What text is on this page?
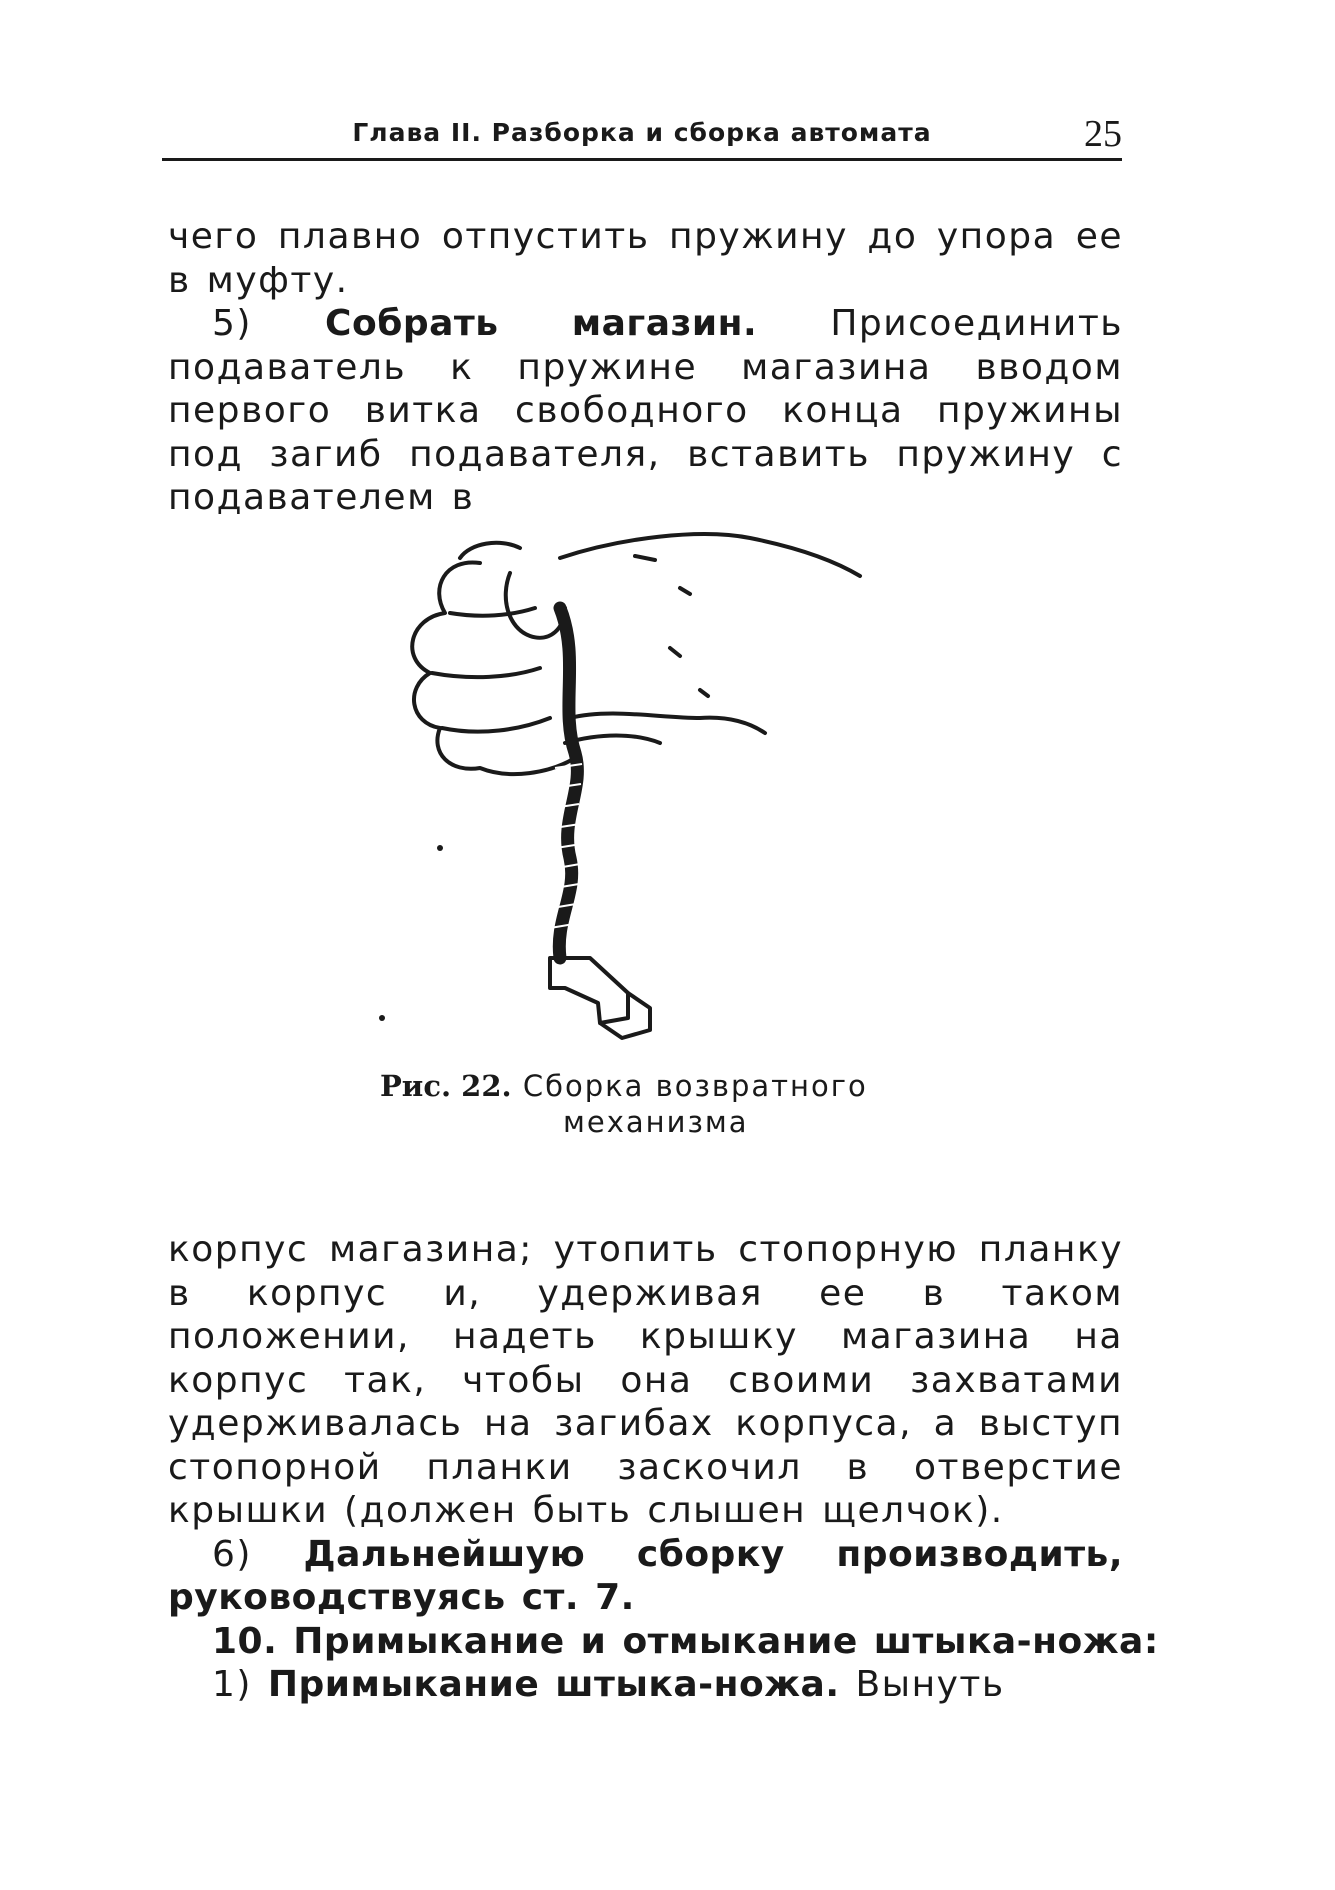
Глава II. Разборка и сборка автомата	25

чего плавно отпустить пружину до упора ее в муфту.

5) Собрать магазин. Присоединить подаватель к пружине магазина вводом первого витка свободного конца пружины под загиб подавателя, вставить пружину с подавателем в

Рис. 22. Сборка возвратного
механизма

корпус магазина; утопить стопорную планку в корпус и, удерживая ее в таком положении, надеть крышку магазина на корпус так, чтобы она своими захватами удерживалась на загибах корпуса, а выступ стопорной планки заскочил в отверстие крышки (должен быть слышен щелчок).

6) Дальнейшую сборку производить, руководствуясь ст. 7.

10. Примыкание и отмыкание штыка-ножа:

1) Примыкание штыка-ножа. Вынуть
